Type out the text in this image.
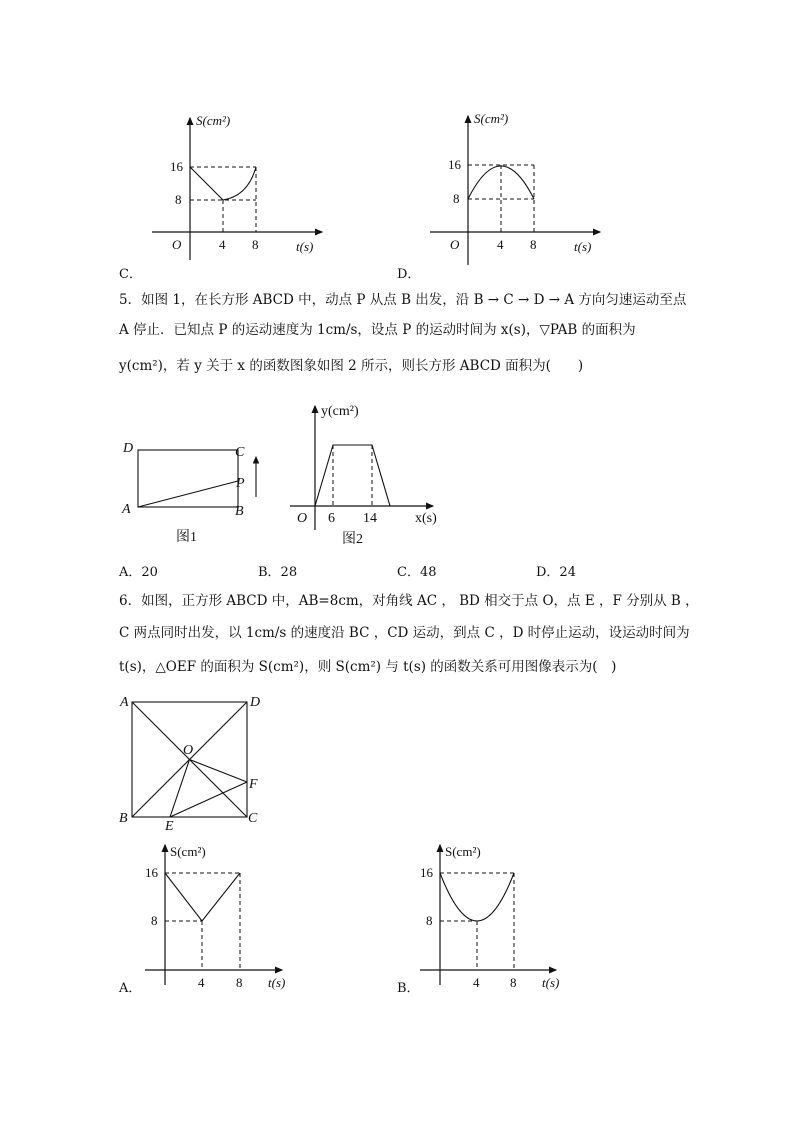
S(cm²)
16
8
O	4 8	t(s)
C．
S(cm²)
16
8
O	4 8	t(s)
D．
5．如图 1，在长方形 ABCD 中，动点 P 从点 B 出发，沿 B → C → D → A 方向匀速运动至点
A 停止．已知点 P 的运动速度为 1cm/s，设点 P 的运动时间为 x(s)，▽PAB 的面积为
y(cm²)，若 y 关于 x 的函数图象如图 2 所示，则长方形 ABCD 面积为(　　)
D	C
A	B
P
图1
y(cm²)
O 6 14	x(s)
图2
A．20	B．28	C．48	D．24
6．如图，正方形 ABCD 中，AB=8cm，对角线 AC ， BD 相交于点 O，点 E ，F 分别从 B ，
C 两点同时出发，以 1cm/s 的速度沿 BC ，CD 运动，到点 C ，D 时停止运动，设运动时间为
t(s)，△OEF 的面积为 S(cm²)，则 S(cm²) 与 t(s) 的函数关系可用图像表示为(　)
A	D
B	C
O
F
E
S(cm²)
16
8
4 8 t(s)
A．
S(cm²)
16
8
4 8 t(s)
B．
